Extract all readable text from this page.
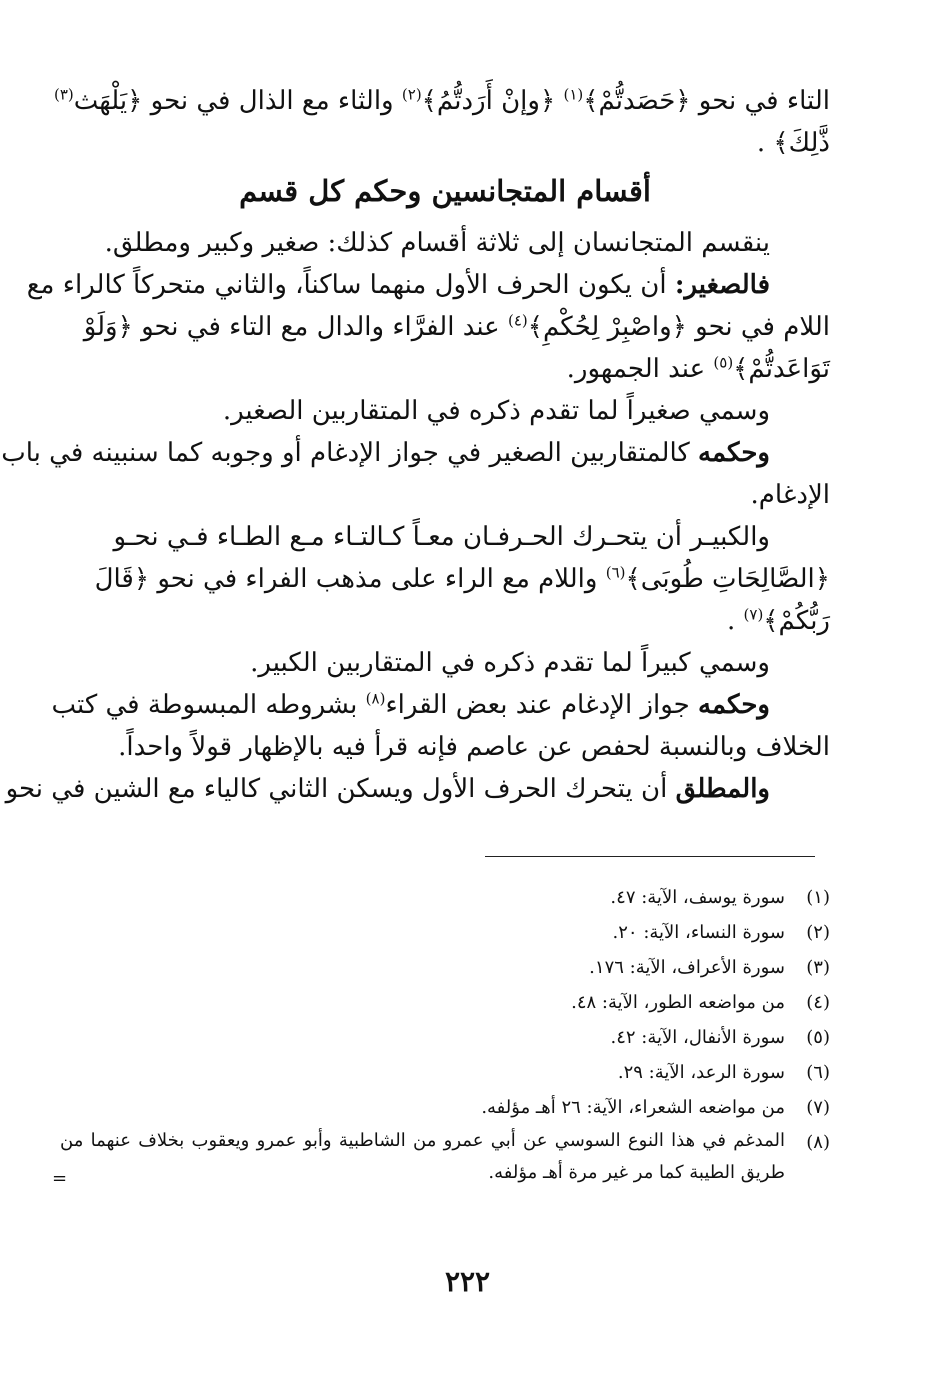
التاء في نحو ﴿حَصَدتُّمْ﴾$^{(١)}$ ﴿وإنْ أَرَدتُّمُ﴾$^{(٢)}$ والثاء مع الذال في نحو ﴿يَلْهَث$^{(٣)}$
ذَّلِكَ﴾ .
أقسام المتجانسين وحكم كل قسم
ينقسم المتجانسان إلى ثلاثة أقسام كذلك: صغير وكبير ومطلق.
فالصغير: أن يكون الحرف الأول منهما ساكناً، والثاني متحركاً كالراء مع
اللام في نحو ﴿واصْبِرْ لِحُكْمِ﴾$^{(٤)}$ عند الفرَّاء والدال مع التاء في نحو ﴿وَلَوْ
تَوَاعَدتُّمْ﴾$^{(٥)}$ عند الجمهور.
وسمي صغيراً لما تقدم ذكره في المتقاربين الصغير.
وحكمه كالمتقاربين الصغير في جواز الإدغام أو وجوبه كما سنبينه في باب
الإدغام.
والكبيـر أن يتحـرك الحـرفـان معـاً كـالتـاء مـع الطـاء فـي نحـو
﴿الصَّالِحَاتِ طُوبَى﴾$^{(٦)}$ واللام مع الراء على مذهب الفراء في نحو ﴿قَالَ
رَبُّكُمْ﴾$^{(٧)}$ .
وسمي كبيراً لما تقدم ذكره في المتقاربين الكبير.
وحكمه جواز الإدغام عند بعض القراء$^{(٨)}$ بشروطه المبسوطة في كتب
الخلاف وبالنسبة لحفص عن عاصم فإنه قرأ فيه بالإظهار قولاً واحداً.
والمطلق أن يتحرك الحرف الأول ويسكن الثاني كالياء مع الشين في نحو
(١)
سورة يوسف، الآية: ٤٧.
(٢)
سورة النساء، الآية: ٢٠.
(٣)
سورة الأعراف، الآية: ١٧٦.
(٤)
من مواضعه الطور، الآية: ٤٨.
(٥)
سورة الأنفال، الآية: ٤٢.
(٦)
سورة الرعد، الآية: ٢٩.
(٧)
من مواضعه الشعراء، الآية: ٢٦ أهـ مؤلفه.
(٨)
المدغم في هذا النوع السوسي عن أبي عمرو من الشاطبية وأبو عمرو ويعقوب بخلاف عنهما من طريق الطيبة كما مر غير مرة أهـ مؤلفه.
=
٢٢٢
